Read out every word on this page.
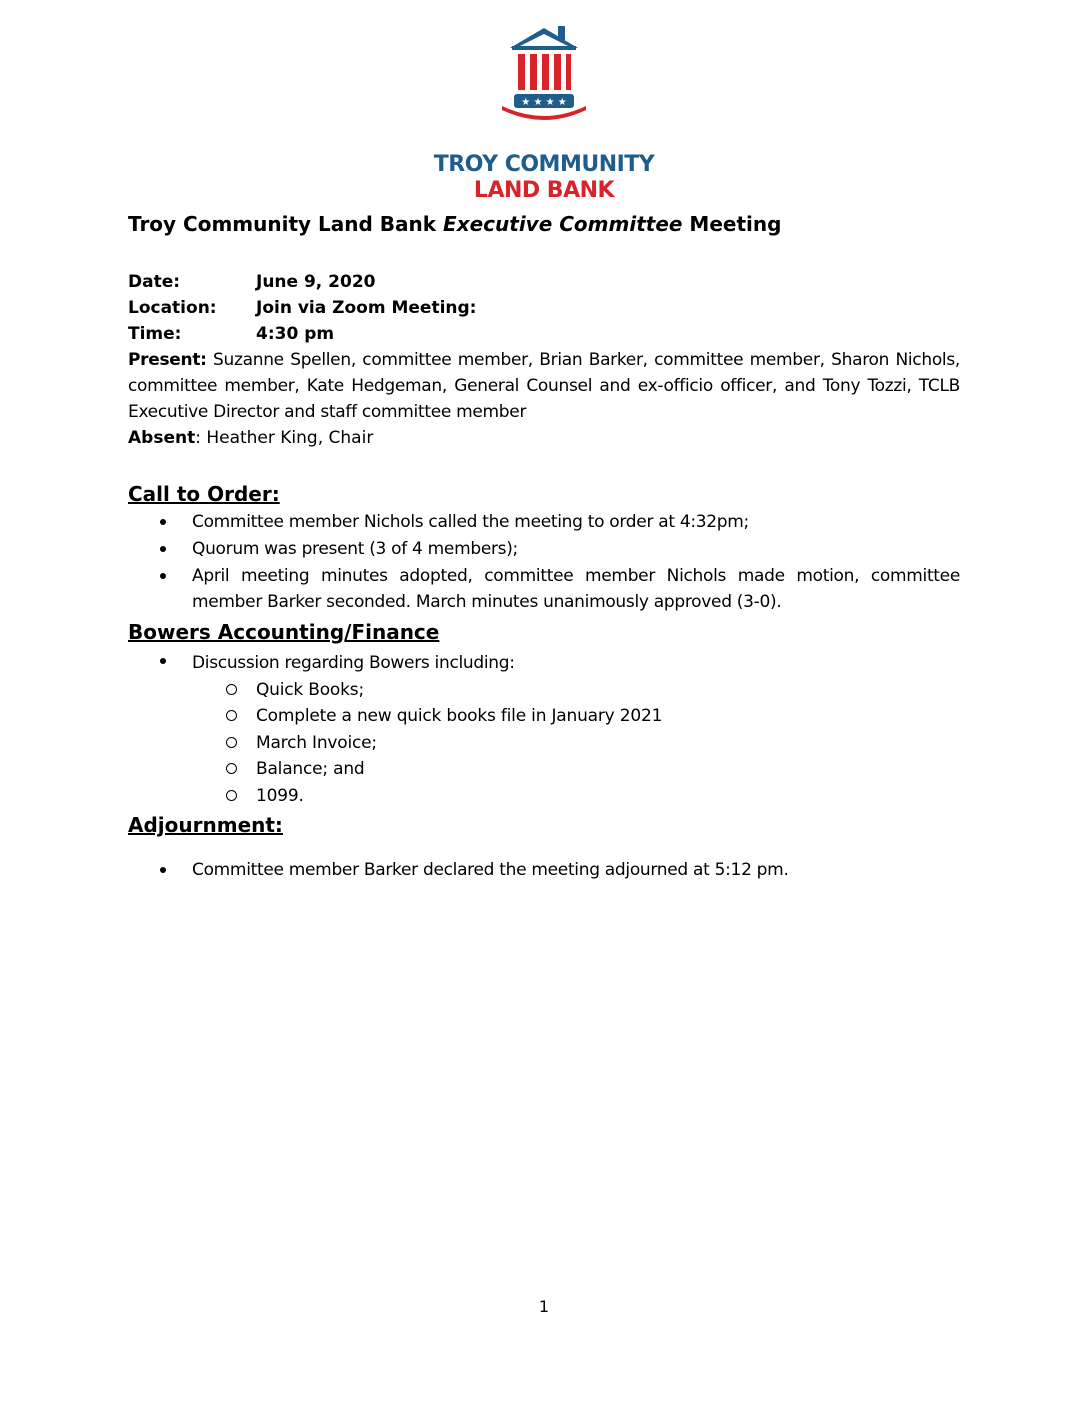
★ ★ ★ ★
TROY COMMUNITY
LAND BANK
Troy Community Land Bank Executive Committee Meeting
Date:	June 9, 2020
Location: Join via Zoom Meeting:
Time:	4:30 pm
Present: Suzanne Spellen, committee member, Brian Barker, committee member, Sharon Nichols, committee member, Kate Hedgeman, General Counsel and ex-officio officer, and Tony Tozzi, TCLB Executive Director and staff committee member
Absent: Heather King, Chair
Call to Order:
Committee member Nichols called the meeting to order at 4:32pm;
Quorum was present (3 of 4 members);
April meeting minutes adopted, committee member Nichols made motion, committee member Barker seconded. March minutes unanimously approved (3-0).
Bowers Accounting/Finance
Discussion regarding Bowers including:
Quick Books;
Complete a new quick books file in January 2021
March Invoice;
Balance; and
1099.
Adjournment:
Committee member Barker declared the meeting adjourned at 5:12 pm.
1
